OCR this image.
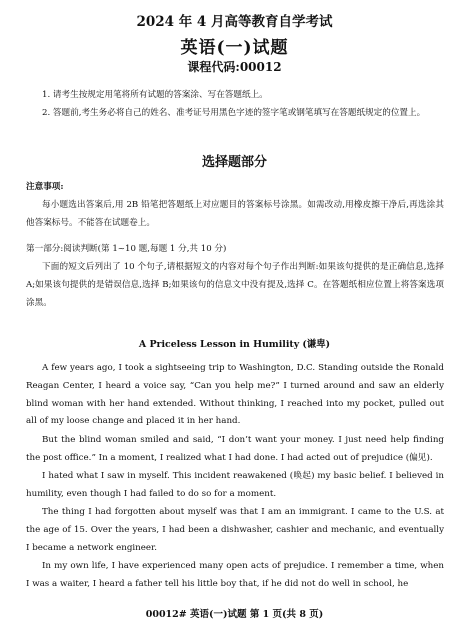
2024 年 4 月高等教育自学考试
英语(一)试题
课程代码:00012
1. 请考生按规定用笔将所有试题的答案涂、写在答题纸上。
2. 答题前,考生务必将自己的姓名、准考证号用黑色字迹的签字笔或钢笔填写在答题纸规定的位置上。
选择题部分
注意事项:
每小题选出答案后,用 2B 铅笔把答题纸上对应题目的答案标号涂黑。如需改动,用橡皮擦干净后,再选涂其他答案标号。不能答在试题卷上。
第一部分:阅读判断(第 1~10 题,每题 1 分,共 10 分)
下面的短文后列出了 10 个句子,请根据短文的内容对每个句子作出判断:如果该句提供的是正确信息,选择 A;如果该句提供的是错误信息,选择 B;如果该句的信息文中没有提及,选择 C。在答题纸相应位置上将答案选项涂黑。
A Priceless Lesson in Humility (谦卑)
A few years ago, I took a sightseeing trip to Washington, D.C. Standing outside the Ronald Reagan Center, I heard a voice say, “Can you help me?” I turned around and saw an elderly blind woman with her hand extended. Without thinking, I reached into my pocket, pulled out all of my loose change and placed it in her hand.
But the blind woman smiled and said, “I don’t want your money. I just need help finding the post office.” In a moment, I realized what I had done. I had acted out of prejudice (偏见).
I hated what I saw in myself. This incident reawakened (唤起) my basic belief. I believed in humility, even though I had failed to do so for a moment.
The thing I had forgotten about myself was that I am an immigrant. I came to the U.S. at the age of 15. Over the years, I had been a dishwasher, cashier and mechanic, and eventually I became a network engineer.
In my own life, I have experienced many open acts of prejudice. I remember a time, when I was a waiter, I heard a father tell his little boy that, if he did not do well in school, he
00012# 英语(一)试题 第 1 页(共 8 页)
